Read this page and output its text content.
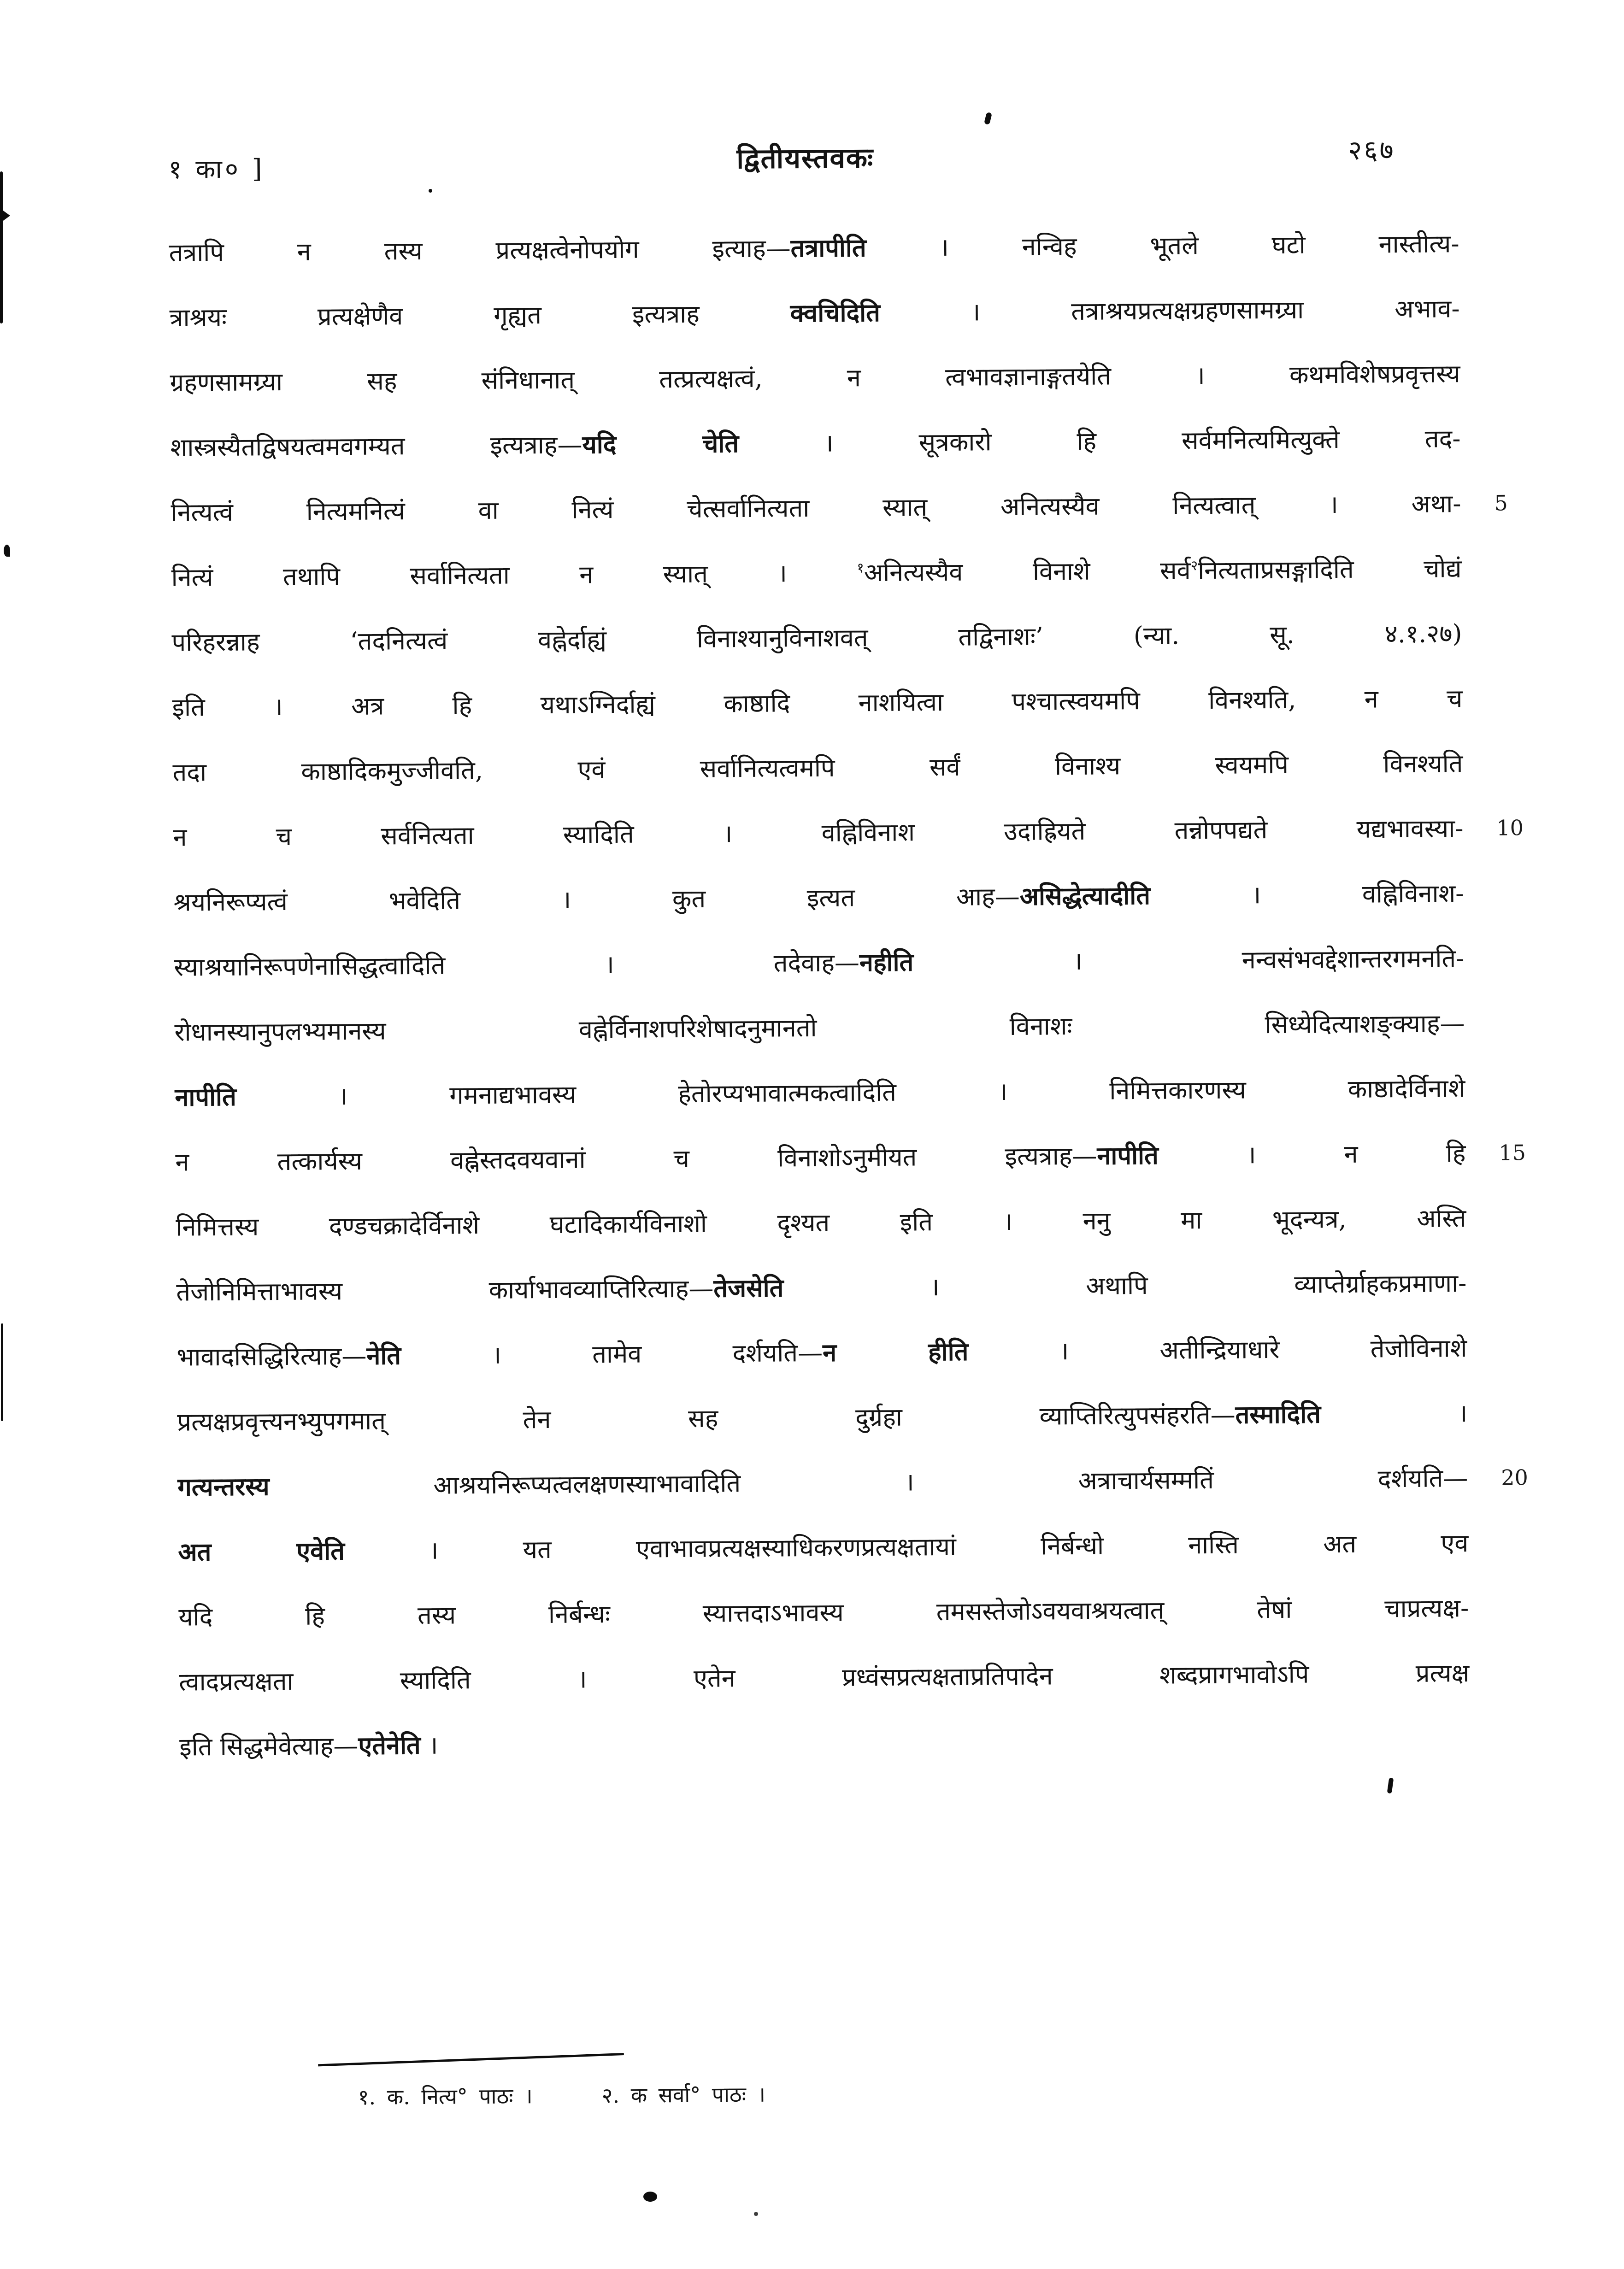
१ का० ]	द्वितीयस्तवकः	२६७
तत्रापि न तस्य प्रत्यक्षत्वेनोपयोग इत्याह—तत्रापीति । नन्विह भूतले घटो नास्तीत्य-
त्राश्रयः प्रत्यक्षेणैव गृह्यत इत्यत्राह क्वचिदिति । तत्राश्रयप्रत्यक्षग्रहणसामग्र्या अभाव-
ग्रहणसामग्र्या सह संनिधानात् तत्प्रत्यक्षत्वं, न त्वभावज्ञानाङ्गतयेति । कथमविशेषप्रवृत्तस्य
शास्त्रस्यैतद्विषयत्वमवगम्यत इत्यत्राह—यदि चेति । सूत्रकारो हि सर्वमनित्यमित्युक्ते तद-
नित्यत्वं नित्यमनित्यं वा नित्यं चेत्सर्वानित्यता स्यात् अनित्यस्यैव नित्यत्वात् । अथा- 5
नित्यं तथापि सर्वानित्यता न स्यात् । $^१$अनित्यस्यैव विनाशे सर्व$^२$नित्यताप्रसङ्गादिति चोद्यं
परिहरन्नाह ‘तदनित्यत्वं वह्नेर्दाह्यं विनाश्यानुविनाशवत् तद्विनाशः’ (न्या. सू. ४.१.२७)
इति । अत्र हि यथाऽग्निर्दाह्यं काष्ठादि नाशयित्वा पश्चात्स्वयमपि विनश्यति, न च
तदा काष्ठादिकमुज्जीवति, एवं सर्वानित्यत्वमपि सर्वं विनाश्य स्वयमपि विनश्यति
न च सर्वनित्यता स्यादिति । वह्निविनाश उदाह्रियते तन्नोपपद्यते यद्यभावस्या- 10
श्रयनिरूप्यत्वं भवेदिति । कुत इत्यत आह—असिद्धेत्यादीति । वह्निविनाश-
स्याश्रयानिरूपणेनासिद्धत्वादिति । तदेवाह—नहीति । नन्वसंभवद्देशान्तरगमनति-
रोधानस्यानुपलभ्यमानस्य वह्नेर्विनाशपरिशेषादनुमानतो विनाशः सिध्येदित्याशङ्क्याह—
नापीति । गमनाद्यभावस्य हेतोरप्यभावात्मकत्वादिति । निमित्तकारणस्य काष्ठादेर्विनाशे
न तत्कार्यस्य वह्नेस्तदवयवानां च विनाशोऽनुमीयत इत्यत्राह—नापीति । न हि 15
निमित्तस्य दण्डचक्रादेर्विनाशे घटादिकार्यविनाशो दृश्यत इति । ननु मा भूदन्यत्र, अस्ति
तेजोनिमित्ताभावस्य कार्याभावव्याप्तिरित्याह—तेजसेति । अथापि व्याप्तेर्ग्राहकप्रमाणा-
भावादसिद्धिरित्याह—नेति । तामेव दर्शयति—न हीति । अतीन्द्रियाधारे तेजोविनाशे
प्रत्यक्षप्रवृत्त्यनभ्युपगमात् तेन सह दुर्ग्रहा व्याप्तिरित्युपसंहरति—तस्मादिति ।
गत्यन्तरस्य आश्रयनिरूप्यत्वलक्षणस्याभावादिति । अत्राचार्यसम्मतिं दर्शयति— 20
अत एवेति । यत एवाभावप्रत्यक्षस्याधिकरणप्रत्यक्षतायां निर्बन्धो नास्ति अत एव
यदि हि तस्य निर्बन्धः स्यात्तदाऽभावस्य तमसस्तेजोऽवयवाश्रयत्वात् तेषां चाप्रत्यक्ष-
त्वादप्रत्यक्षता स्यादिति । एतेन प्रध्वंसप्रत्यक्षताप्रतिपादेन शब्दप्रागभावोऽपि प्रत्यक्ष
इति सिद्धमेवेत्याह—एतेनेति ।
१. क. नित्य° पाठः ।	२. क सर्वा° पाठः ।
